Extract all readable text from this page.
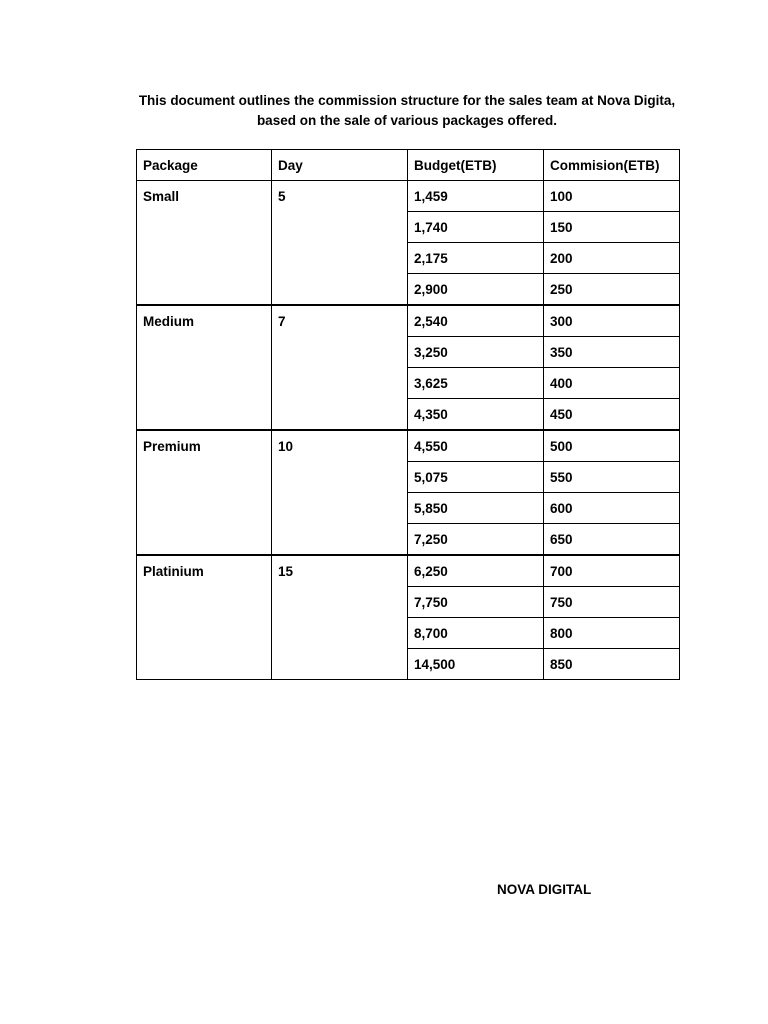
This document outlines the commission structure for the sales team at Nova Digita, based on the sale of various packages offered.
Package	Day	Budget(ETB)	Commision(ETB)
Small	5	1,459	100
		1,740	150
		2,175	200
		2,900	250
Medium	7	2,540	300
		3,250	350
		3,625	400
		4,350	450
Premium	10	4,550	500
		5,075	550
		5,850	600
		7,250	650
Platinium	15	6,250	700
		7,750	750
		8,700	800
		14,500	850
NOVA DIGITAL
